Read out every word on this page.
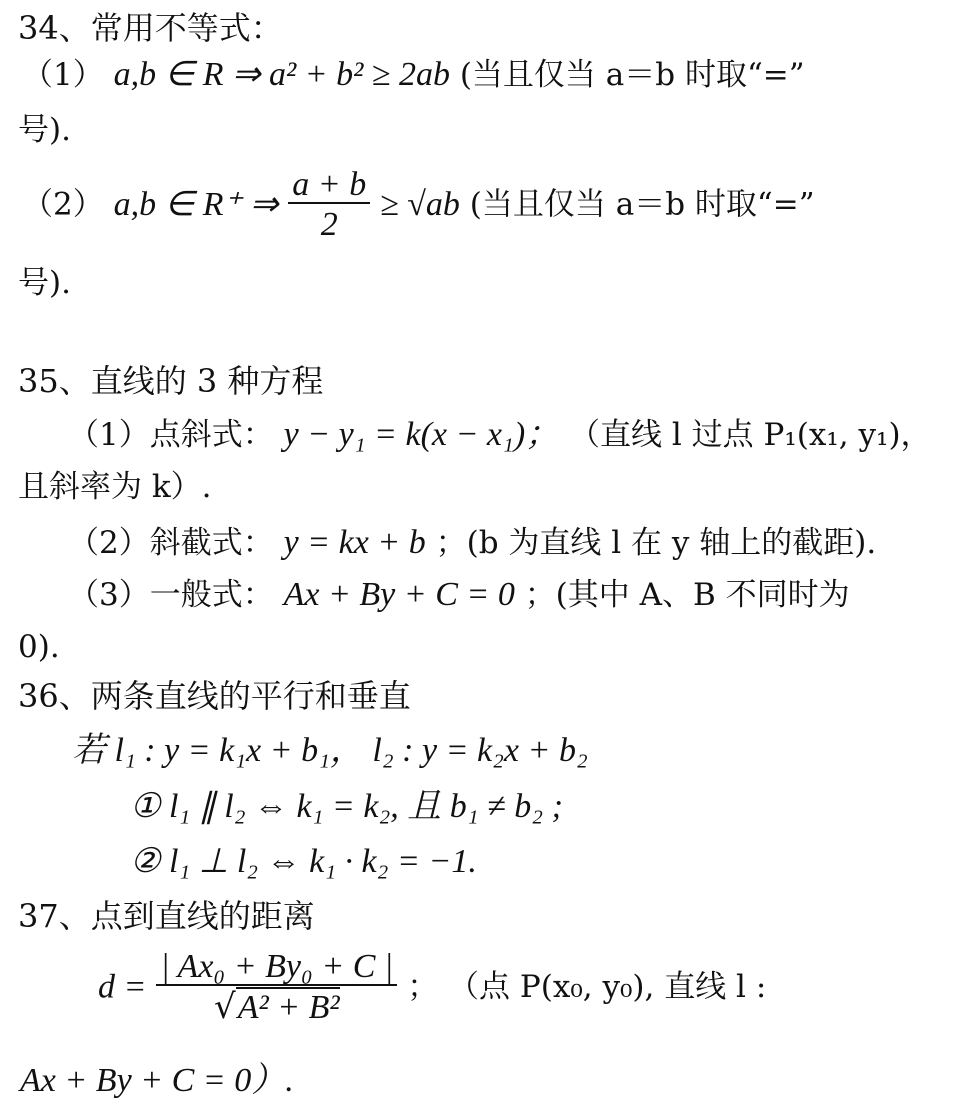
34、常用不等式：
（1） a,b ∈ R ⇒ a² + b² ≥ 2ab (当且仅当 a＝b 时取“=”
号).
（2） a,b ∈ R⁺ ⇒ $\frac{a + b}{2} \ge √ab$ (当且仅当 a＝b 时取“=”
号).
35、直线的 3 种方程
（1）点斜式： y − y₁ = k(x − x₁)； （直线 l 过点 P₁(x₁, y₁)，
且斜率为 k）.
（2）斜截式： y = kx + b ；(b 为直线 l 在 y 轴上的截距).
（3）一般式： Ax + By + C = 0 ；(其中 A、B 不同时为
0).
36、两条直线的平行和垂直
若 l₁ : y = k₁x + b₁， l₂ : y = k₂x + b₂
① l₁ ∥ l₂ ⇔ k₁ = k₂, 且 b₁ ≠ b₂ ;
② l₁ ⊥ l₂ ⇔ k₁ · k₂ = −1.
37、点到直线的距离
$d = \frac{\text{| Ax₀ + By₀ + C |}}{\text{√A² + B²}}$ ； （点 P(x₀, y₀), 直线 l :
Ax + By + C = 0）.
